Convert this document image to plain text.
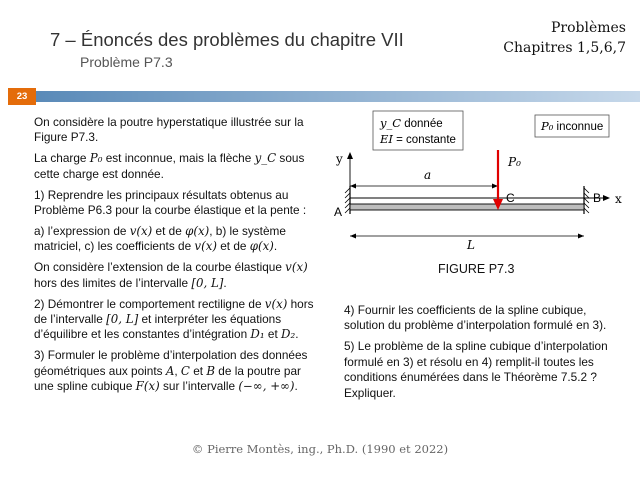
7 – Énoncés des problèmes du chapitre VII
Problème P7.3
Problèmes
Chapitres 1,5,6,7
23

On considère la poutre hyperstatique illustrée sur la Figure P7.3.

La charge P₀ est inconnue, mais la flèche y_C sous cette charge est donnée.

1) Reprendre les principaux résultats obtenus au Problème P6.3 pour la courbe élastique et la pente :

a) l’expression de v(x) et de φ(x), b) le système matriciel, c) les coefficients de v(x) et de φ(x).

On considère l’extension de la courbe élastique v(x) hors des limites de l’intervalle [0, L].

2) Démontrer le comportement rectiligne de v(x) hors de l’intervalle [0, L] et interpréter les équations d’équilibre et les constantes d’intégration D₁ et D₂.

3) Formuler le problème d’interpolation des données géométriques aux points A, C et B de la poutre par une spline cubique F(x) sur l’intervalle (−∞, +∞).

y_C donnée
EI = constante
P₀ inconnue
y
x
a
P₀
A
C	B
L
FIGURE P7.3

4) Fournir les coefficients de la spline cubique, solution du problème d’interpolation formulé en 3).

5) Le problème de la spline cubique d’interpolation formulé en 3) et résolu en 4) remplit-il toutes les conditions énumérées dans le Théorème 7.5.2 ? Expliquer.

© Pierre Montès, ing., Ph.D. (1990 et 2022)
